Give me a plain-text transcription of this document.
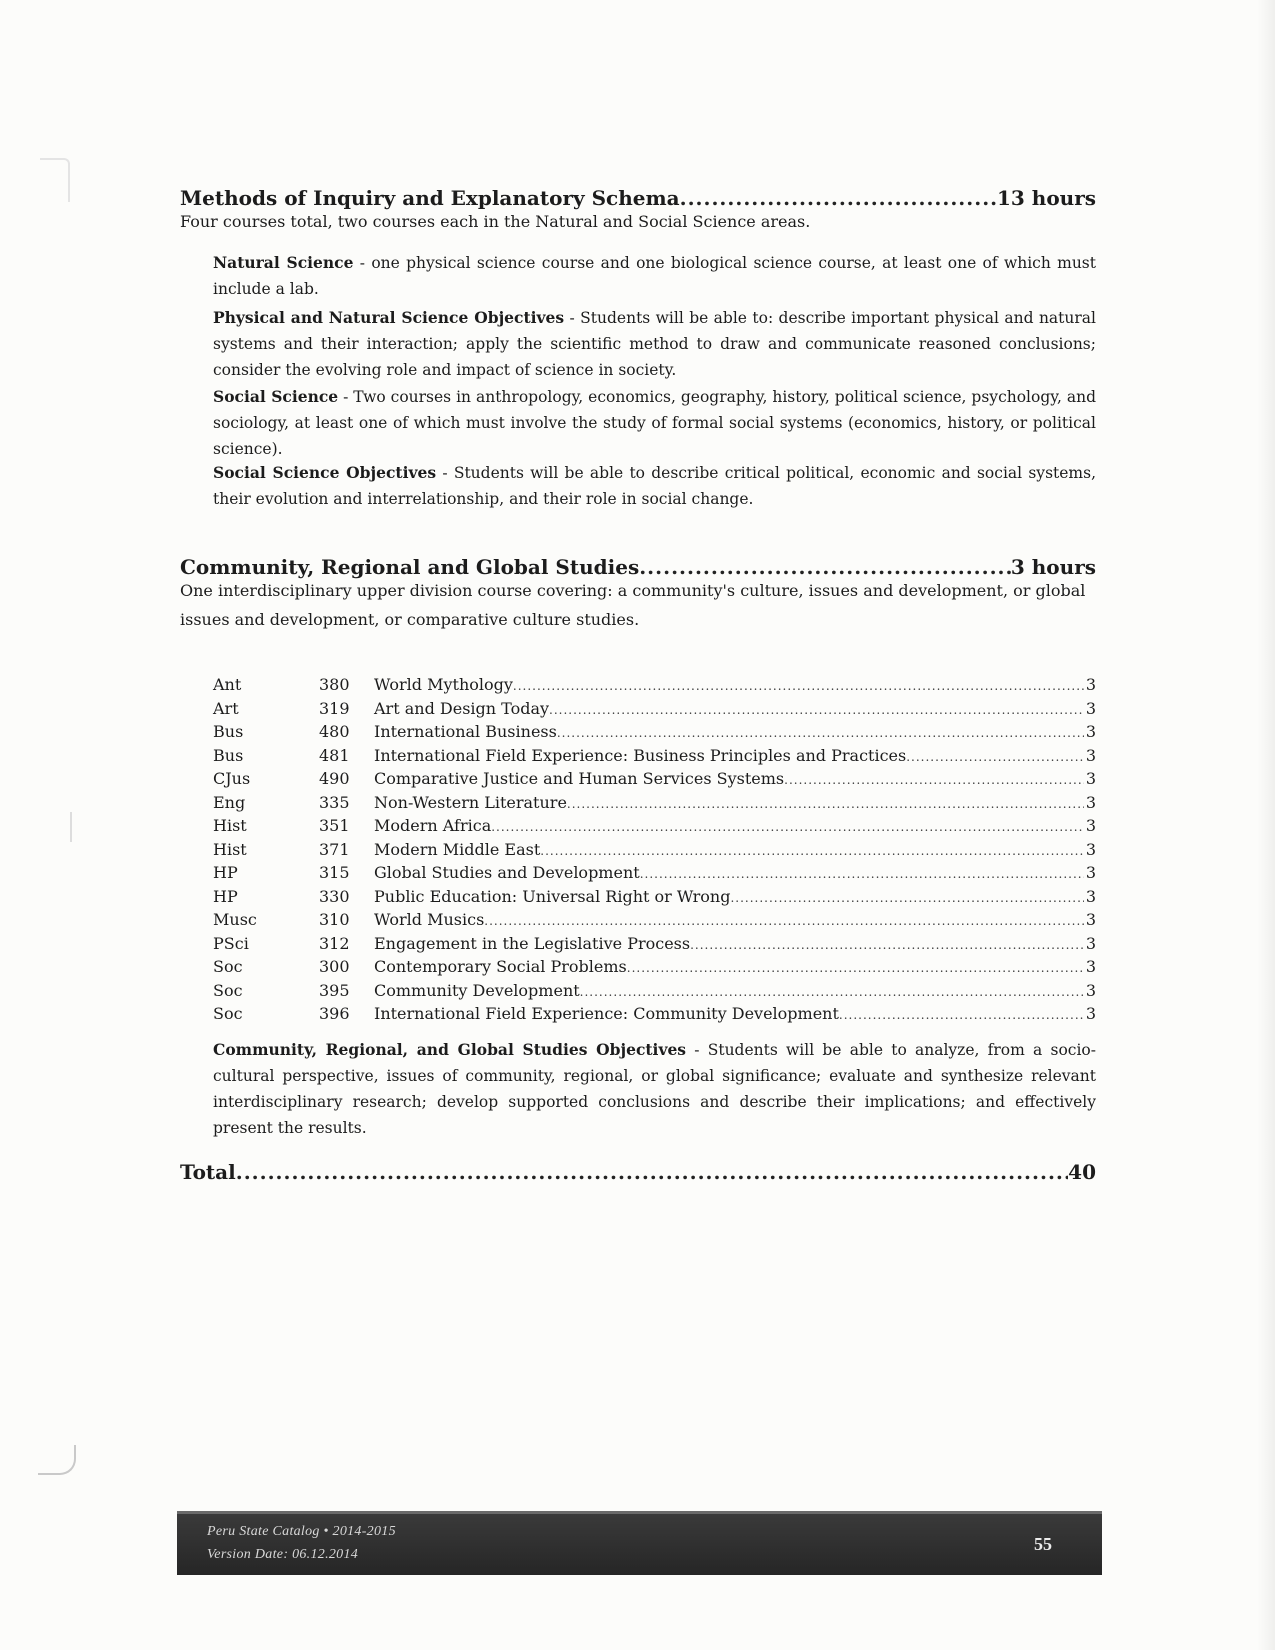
Methods of Inquiry and Explanatory Schema .....	13 hours
Four courses total, two courses each in the Natural and Social Science areas.
Natural Science - one physical science course and one biological science course, at least one of which must include a lab.
Physical and Natural Science Objectives - Students will be able to: describe important physical and natural systems and their interaction; apply the scientific method to draw and communicate reasoned conclusions; consider the evolving role and impact of science in society.
Social Science - Two courses in anthropology, economics, geography, history, political science, psychology, and sociology, at least one of which must involve the study of formal social systems (economics, history, or political science).
Social Science Objectives - Students will be able to describe critical political, economic and social systems, their evolution and interrelationship, and their role in social change.
Community, Regional and Global Studies .....	3 hours
One interdisciplinary upper division course covering: a community's culture, issues and development, or global issues and development, or comparative culture studies.
Ant	380	World Mythology .....	3
Art	319	Art and Design Today .....	3
Bus	480	International Business .....	3
Bus	481	International Field Experience: Business Principles and Practices .....	3
CJus	490	Comparative Justice and Human Services Systems .....	3
Eng	335	Non-Western Literature .....	3
Hist	351	Modern Africa .....	3
Hist	371	Modern Middle East .....	3
HP	315	Global Studies and Development .....	3
HP	330	Public Education: Universal Right or Wrong .....	3
Musc	310	World Musics .....	3
PSci	312	Engagement in the Legislative Process .....	3
Soc	300	Contemporary Social Problems .....	3
Soc	395	Community Development .....	3
Soc	396	International Field Experience: Community Development .....	3
Community, Regional, and Global Studies Objectives - Students will be able to analyze, from a socio-cultural perspective, issues of community, regional, or global significance; evaluate and synthesize relevant interdisciplinary research; develop supported conclusions and describe their implications; and effectively present the results.
Total .....	40
Peru State Catalog • 2014-2015
Version Date: 06.12.2014
55
